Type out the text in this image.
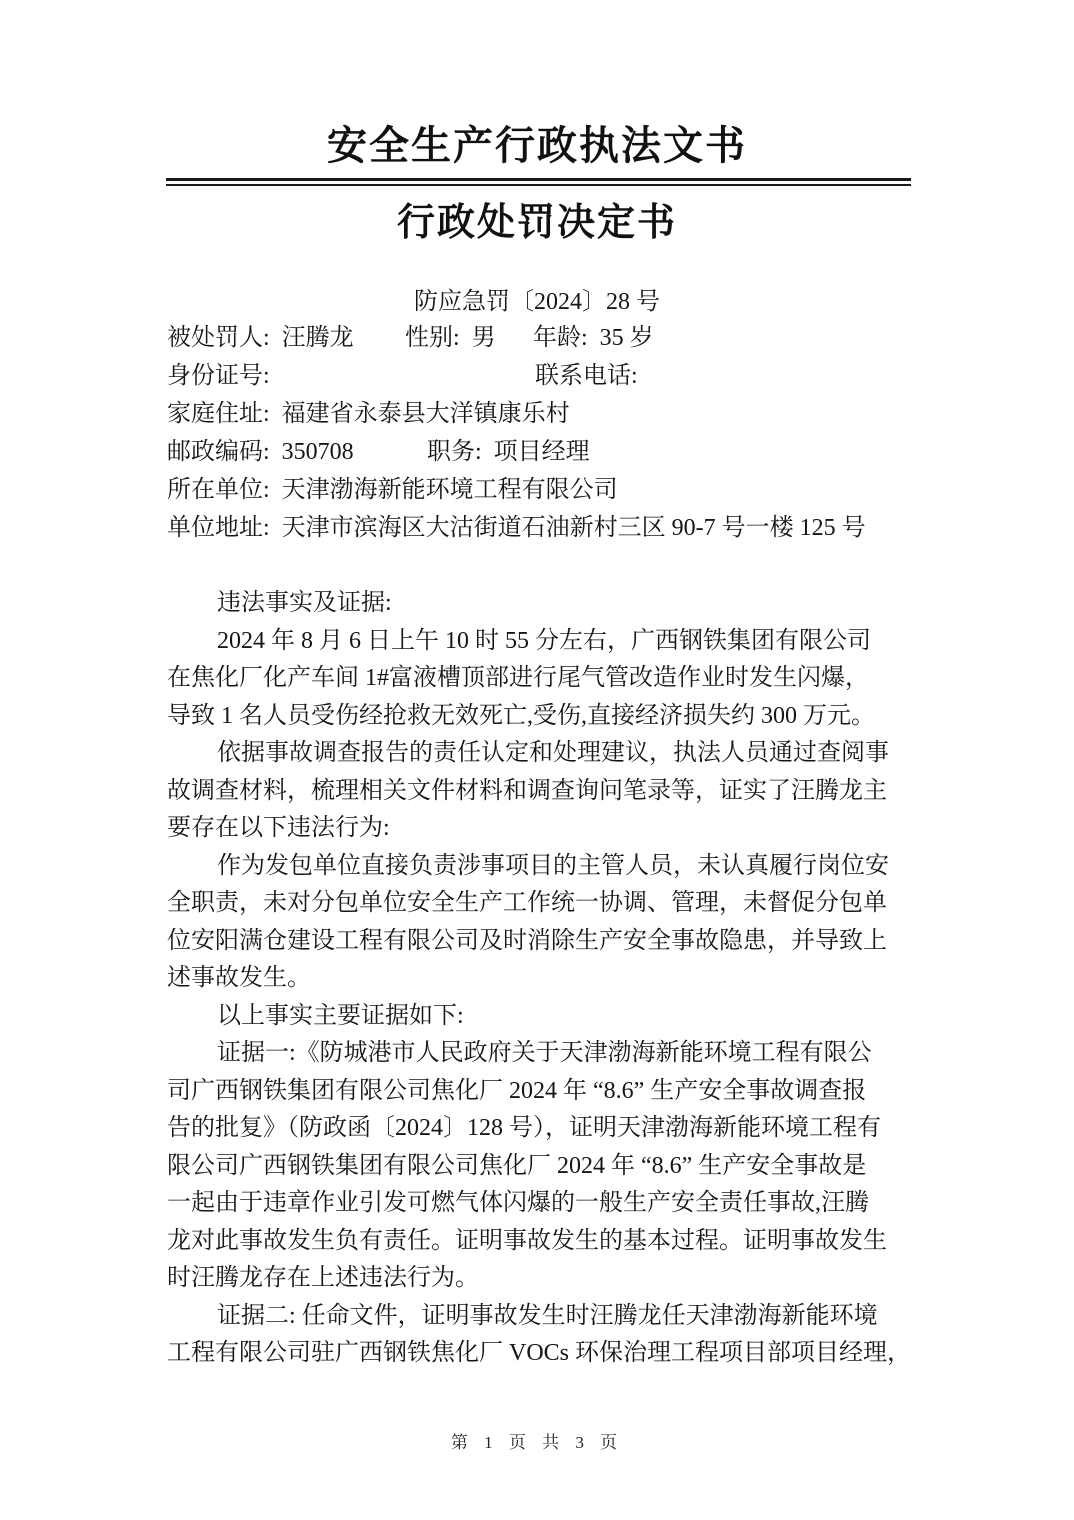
安全生产行政执法文书
行政处罚决定书
防应急罚〔2024〕28 号
被处罚人: 汪腾龙 性别: 男 年龄: 35 岁
身份证号:	联系电话:
家庭住址: 福建省永泰县大洋镇康乐村
邮政编码: 350708	职务: 项目经理
所在单位: 天津渤海新能环境工程有限公司
单位地址: 天津市滨海区大沽街道石油新村三区 90-7 号一楼 125 号
违法事实及证据:
2024 年 8 月 6 日上午 10 时 55 分左右，广西钢铁集团有限公司
在焦化厂化产车间 1#富液槽顶部进行尾气管改造作业时发生闪爆，
导致 1 名人员受伤经抢救无效死亡,受伤,直接经济损失约 300 万元。
依据事故调查报告的责任认定和处理建议，执法人员通过查阅事
故调查材料，梳理相关文件材料和调查询问笔录等，证实了汪腾龙主
要存在以下违法行为:
作为发包单位直接负责涉事项目的主管人员，未认真履行岗位安
全职责，未对分包单位安全生产工作统一协调、管理，未督促分包单
位安阳满仓建设工程有限公司及时消除生产安全事故隐患，并导致上
述事故发生。
以上事实主要证据如下:
证据一:《防城港市人民政府关于天津渤海新能环境工程有限公
司广西钢铁集团有限公司焦化厂 2024 年 “8.6” 生产安全事故调查报
告的批复》（防政函〔2024〕128 号），证明天津渤海新能环境工程有
限公司广西钢铁集团有限公司焦化厂 2024 年 “8.6” 生产安全事故是
一起由于违章作业引发可燃气体闪爆的一般生产安全责任事故,汪腾
龙对此事故发生负有责任。证明事故发生的基本过程。证明事故发生
时汪腾龙存在上述违法行为。
证据二: 任命文件，证明事故发生时汪腾龙任天津渤海新能环境
工程有限公司驻广西钢铁焦化厂 VOCs 环保治理工程项目部项目经理，
第 1 页 共 3 页
